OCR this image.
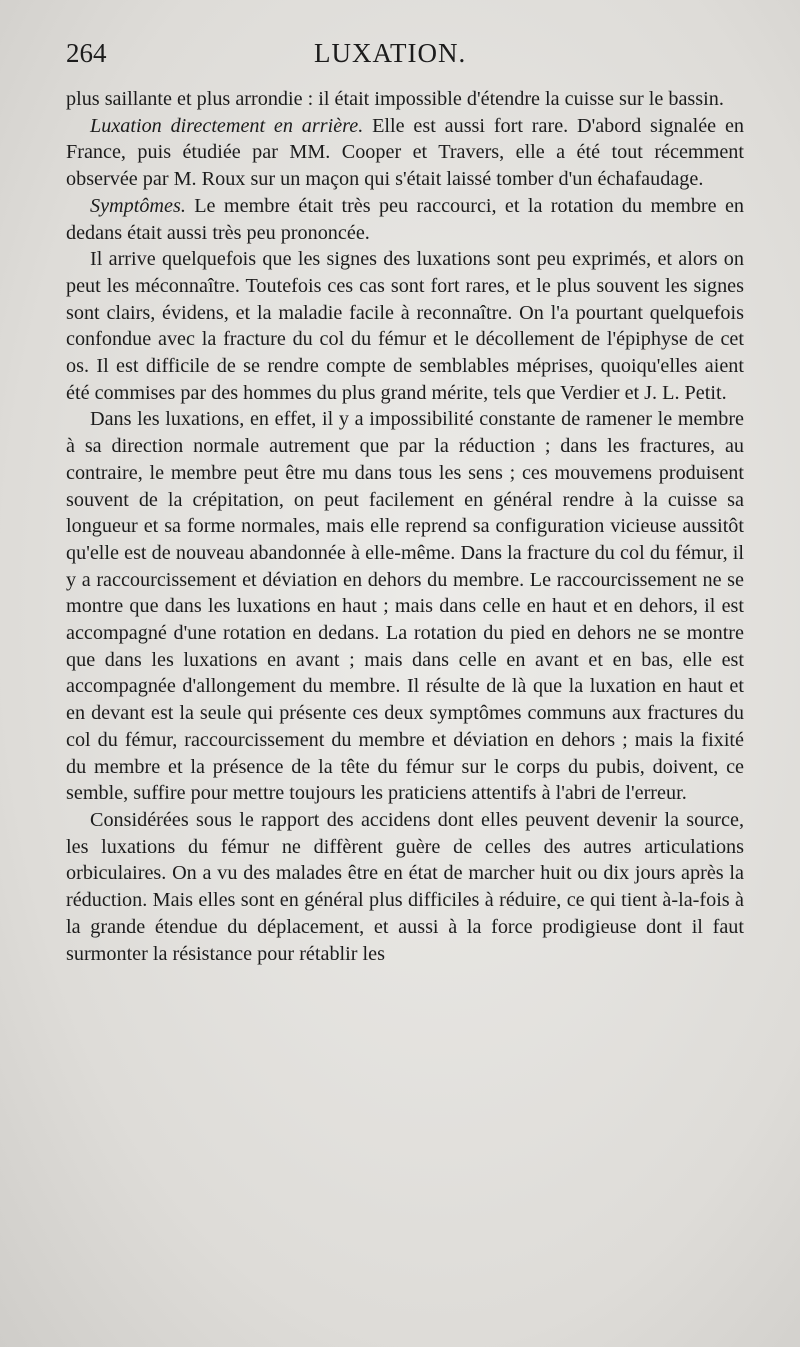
264	LUXATION.

plus saillante et plus arrondie : il était impossible d'étendre la cuisse sur le bassin.

Luxation directement en arrière. Elle est aussi fort rare. D'abord signalée en France, puis étudiée par MM. Cooper et Travers, elle a été tout récemment observée par M. Roux sur un maçon qui s'était laissé tomber d'un échafaudage.

Symptômes. Le membre était très peu raccourci, et la rotation du membre en dedans était aussi très peu prononcée.

Il arrive quelquefois que les signes des luxations sont peu exprimés, et alors on peut les méconnaître. Toutefois ces cas sont fort rares, et le plus souvent les signes sont clairs, évidens, et la maladie facile à reconnaître. On l'a pourtant quelquefois confondue avec la fracture du col du fémur et le décollement de l'épiphyse de cet os. Il est difficile de se rendre compte de semblables méprises, quoiqu'elles aient été commises par des hommes du plus grand mérite, tels que Verdier et J. L. Petit.

Dans les luxations, en effet, il y a impossibilité constante de ramener le membre à sa direction normale autrement que par la réduction ; dans les fractures, au contraire, le membre peut être mu dans tous les sens ; ces mouvemens produisent souvent de la crépitation, on peut facilement en général rendre à la cuisse sa longueur et sa forme normales, mais elle reprend sa configuration vicieuse aussitôt qu'elle est de nouveau abandonnée à elle-même. Dans la fracture du col du fémur, il y a raccourcissement et déviation en dehors du membre. Le raccourcissement ne se montre que dans les luxations en haut ; mais dans celle en haut et en dehors, il est accompagné d'une rotation en dedans. La rotation du pied en dehors ne se montre que dans les luxations en avant ; mais dans celle en avant et en bas, elle est accompagnée d'allongement du membre. Il résulte de là que la luxation en haut et en devant est la seule qui présente ces deux symptômes communs aux fractures du col du fémur, raccourcissement du membre et déviation en dehors ; mais la fixité du membre et la présence de la tête du fémur sur le corps du pubis, doivent, ce semble, suffire pour mettre toujours les praticiens attentifs à l'abri de l'erreur.

Considérées sous le rapport des accidens dont elles peuvent devenir la source, les luxations du fémur ne diffèrent guère de celles des autres articulations orbiculaires. On a vu des malades être en état de marcher huit ou dix jours après la réduction. Mais elles sont en général plus difficiles à réduire, ce qui tient à-la-fois à la grande étendue du déplacement, et aussi à la force prodigieuse dont il faut surmonter la résistance pour rétablir les
